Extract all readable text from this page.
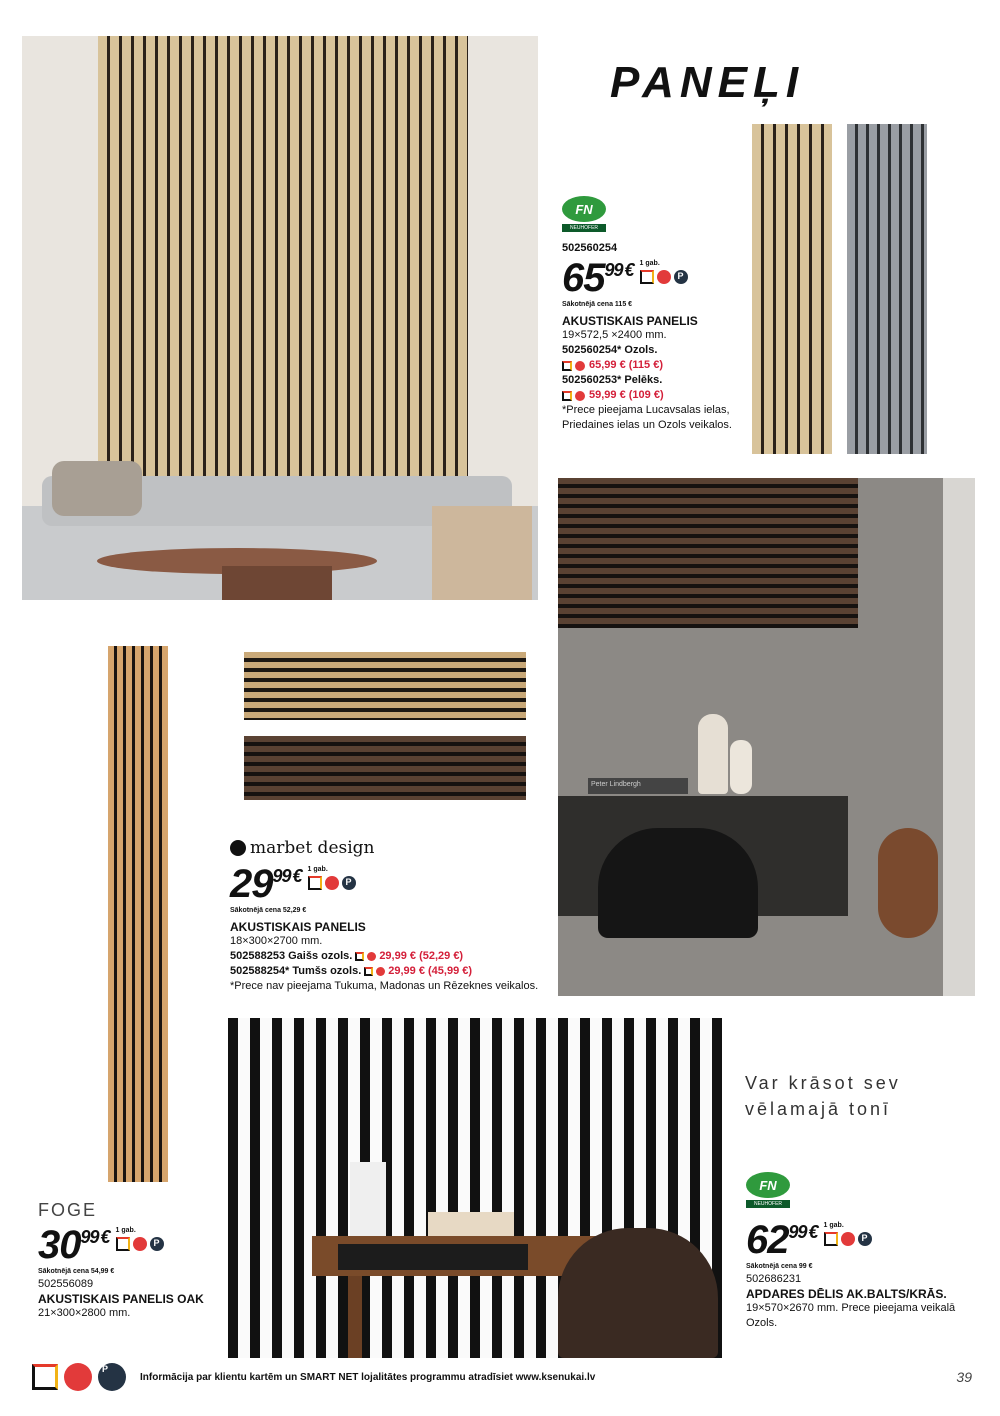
PANEĻI
FN
NEUHOFER
502560254
6599 € 1 gab.
P
Sākotnējā cena 115 €
AKUSTISKAIS PANELIS
19×572,5 ×2400 mm.
502560254* Ozols.
65,99 € (115 €)
502560253* Pelēks.
59,99 € (109 €)
*Prece pieejama Lucavsalas ielas,
Priedaines ielas un Ozols veikalos.
Peter Lindbergh
marbet design
2999 € 1 gab.
P
Sākotnējā cena 52,29 €
AKUSTISKAIS PANELIS
18×300×2700 mm.
502588253 Gaišs ozols. 29,99 € (52,29 €)
502588254* Tumšs ozols. 29,99 € (45,99 €)
*Prece nav pieejama Tukuma, Madonas un Rēzeknes veikalos.
FOGE
3099 € 1 gab.
P
Sākotnējā cena 54,99 €
502556089
AKUSTISKAIS PANELIS OAK
21×300×2800 mm.
Var krāsot sev
vēlamajā tonī
FN
NEUHOFER
6299 € 1 gab.
P
Sākotnējā cena 99 €
502686231
APDARES DĒLIS AK.BALTS/KRĀS.
19×570×2670 mm. Prece pieejama veikalā Ozols.
P
Informācija par klientu kartēm un SMART NET lojalitātes programmu atradīsiet www.ksenukai.lv	39
